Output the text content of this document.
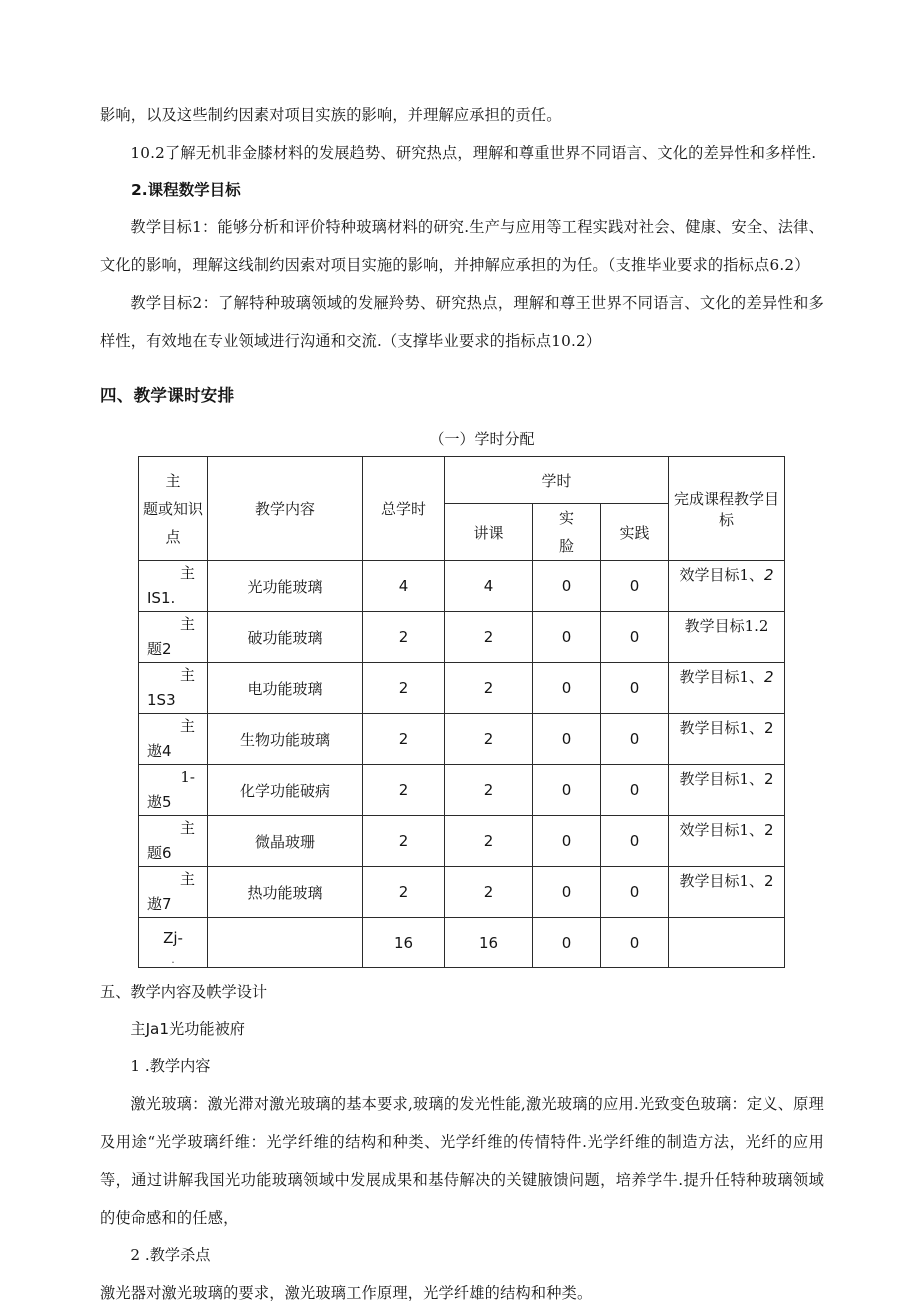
影响，以及这些制约因素对项目实族的影响，并理解应承担的贡任。

10.2了解无机非金膝材料的发展趋势、研究热点，理解和尊重世界不同语言、文化的差异性和多样性.

2.课程数学目标

教学目标1：能够分析和评价特种玻璃材料的研究.生产与应用等工程实践对社会、健康、安全、法律、文化的影响，理解这线制约因索对项目实施的影响，并抻解应承担的为任。（支推毕业要求的指标点6.2）

教学目标2：了解特种玻璃领域的发屜羚势、研究热点，理解和尊王世界不同语言、文化的差异性和多样性，有效地在专业领域进行沟通和交流.（支撑毕业要求的指标点10.2）

四、教学课时安排

（一）学时分配

主
题或知识
点	教学内容	总学时	学时			完成课程教学目标
			讲课	实
脸	实践	

主
IS1.	光功能玻璃	4	4	0	0	效学目标1、2

主
题2	破功能玻璃	2	2	0	0	教学目标1.2

主
1S3	电功能玻璃	2	2	0	0	教学目标1、2

主
遨4	生物功能玻璃	2	2	0	0	教学目标1、2

1-
遨5	化学功能破病	2	2	0	0	教学目标1、2

主
题6	微晶玻珊	2	2	0	0	效学目标1、2

主
遨7	热功能玻璃	2	2	0	0	教学目标1、2

Zj-
.		16	16	0	0	

五、教学内容及帙学设计

主Ja1光功能被府

1 .教学内容

激光玻璃：激光滞对激光玻璃的基本要求,玻璃的发光性能,激光玻璃的应用.光致变色玻璃：定义、原理及用途“光学玻璃纤维：光学纤维的结构和种类、光学纤维的传情特件.光学纤维的制造方法，光纤的应用等，通过讲解我国光功能玻璃领域中发展成果和基侍解决的关键腋馈问题，培养学牛.提升任特种玻璃领域的使命感和的任感，

2 .教学杀点

激光器对激光玻璃的要求，激光玻璃工作原理，光学纤雄的结构和种类。
